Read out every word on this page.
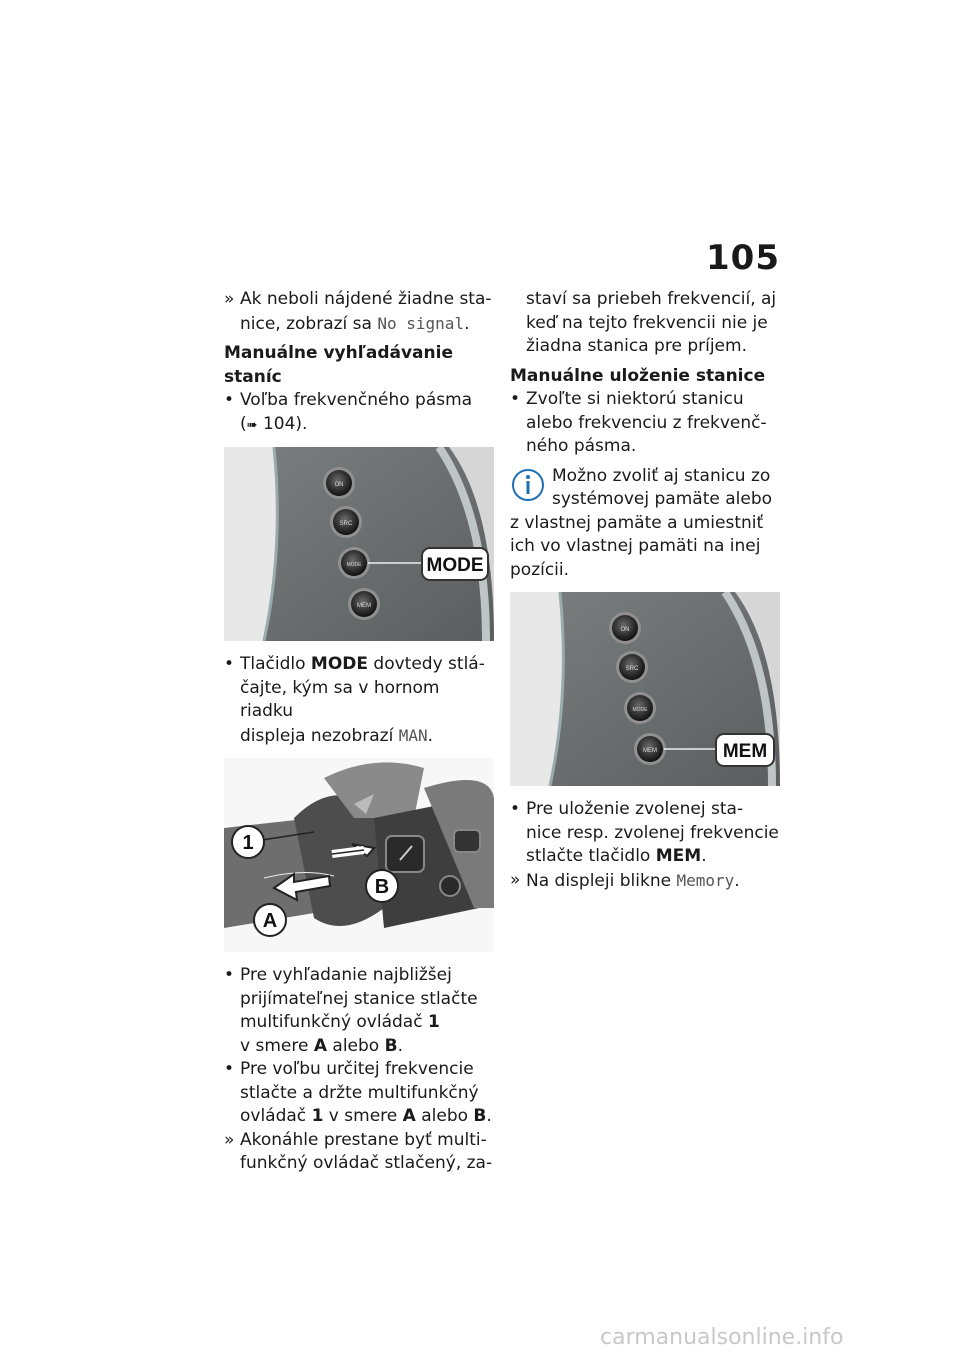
105

» Ak neboli nájdené žiadne sta-
nice, zobrazí sa No signal.

Manuálne vyhľadávanie staníc

• Voľba frekvenčného pásma
(➠ 104).

ON
SRC
MODE
MEM
MODE

• Tlačidlo MODE dovtedy stlá-
čajte, kým sa v hornom riadku
displeja nezobrazí MAN.

1
B
A

• Pre vyhľadanie najbližšej
prijímateľnej stanice stlačte
multifunkčný ovládač 1
v smere A alebo B.

• Pre voľbu určitej frekvencie
stlačte a držte multifunkčný
ovládač 1 v smere A alebo B.

» Akonáhle prestane byť multi-
funkčný ovládač stlačený, za-

staví sa priebeh frekvencií, aj
keď na tejto frekvencii nie je
žiadna stanica pre príjem.

Manuálne uloženie stanice

• Zvoľte si niektorú stanicu
alebo frekvenciu z frekvenč-
ného pásma.

Možno zvoliť aj stanicu zo
systémovej pamäte alebo
z vlastnej pamäte a umiestniť
ich vo vlastnej pamäti na inej
pozícii.
ON
SRC
MODE
MEM	MEM

• Pre uloženie zvolenej sta-
nice resp. zvolenej frekvencie
stlačte tlačidlo MEM.

» Na displeji blikne Memory.

carmanualsonline.info
